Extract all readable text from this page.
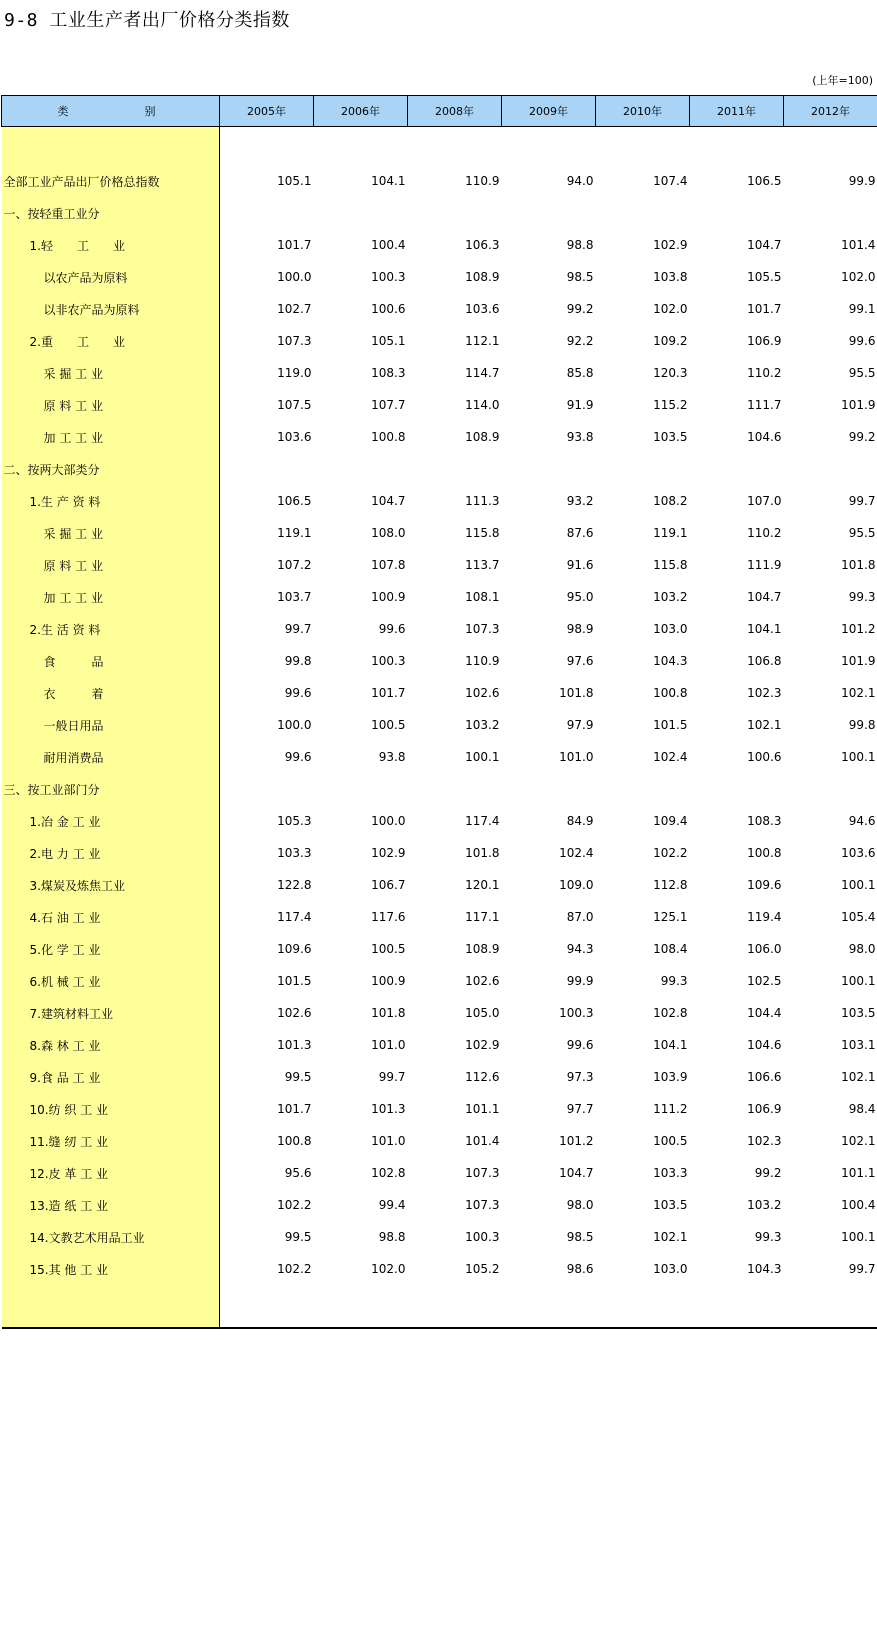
9-8 工业生产者出厂价格分类指数
(上年=100)
类　　别	2005年	2006年	2008年	2009年	2010年	2011年	2012年

全部工业产品出厂价格总指数	105.1	104.1	110.9	94.0	107.4	106.5	99.9
一、按轻重工业分							
1.轻　　工　　业	101.7	100.4	106.3	98.8	102.9	104.7	101.4
以农产品为原料	100.0	100.3	108.9	98.5	103.8	105.5	102.0
以非农产品为原料	102.7	100.6	103.6	99.2	102.0	101.7	99.1
2.重　　工　　业	107.3	105.1	112.1	92.2	109.2	106.9	99.6
采 掘 工 业	119.0	108.3	114.7	85.8	120.3	110.2	95.5
原 料 工 业	107.5	107.7	114.0	91.9	115.2	111.7	101.9
加 工 工 业	103.6	100.8	108.9	93.8	103.5	104.6	99.2
二、按两大部类分							
1.生 产 资 料	106.5	104.7	111.3	93.2	108.2	107.0	99.7
采 掘 工 业	119.1	108.0	115.8	87.6	119.1	110.2	95.5
原 料 工 业	107.2	107.8	113.7	91.6	115.8	111.9	101.8
加 工 工 业	103.7	100.9	108.1	95.0	103.2	104.7	99.3
2.生 活 资 料	99.7	99.6	107.3	98.9	103.0	104.1	101.2
食　　　品	99.8	100.3	110.9	97.6	104.3	106.8	101.9
衣　　　着	99.6	101.7	102.6	101.8	100.8	102.3	102.1
一般日用品	100.0	100.5	103.2	97.9	101.5	102.1	99.8
耐用消费品	99.6	93.8	100.1	101.0	102.4	100.6	100.1
三、按工业部门分							
1.冶 金 工 业	105.3	100.0	117.4	84.9	109.4	108.3	94.6
2.电 力 工 业	103.3	102.9	101.8	102.4	102.2	100.8	103.6
3.煤炭及炼焦工业	122.8	106.7	120.1	109.0	112.8	109.6	100.1
4.石 油 工 业	117.4	117.6	117.1	87.0	125.1	119.4	105.4
5.化 学 工 业	109.6	100.5	108.9	94.3	108.4	106.0	98.0
6.机 械 工 业	101.5	100.9	102.6	99.9	99.3	102.5	100.1
7.建筑材料工业	102.6	101.8	105.0	100.3	102.8	104.4	103.5
8.森 林 工 业	101.3	101.0	102.9	99.6	104.1	104.6	103.1
9.食 品 工 业	99.5	99.7	112.6	97.3	103.9	106.6	102.1
10.纺 织 工 业	101.7	101.3	101.1	97.7	111.2	106.9	98.4
11.缝 纫 工 业	100.8	101.0	101.4	101.2	100.5	102.3	102.1
12.皮 革 工 业	95.6	102.8	107.3	104.7	103.3	99.2	101.1
13.造 纸 工 业	102.2	99.4	107.3	98.0	103.5	103.2	100.4
14.文教艺术用品工业	99.5	98.8	100.3	98.5	102.1	99.3	100.1
15.其 他 工 业	102.2	102.0	105.2	98.6	103.0	104.3	99.7
